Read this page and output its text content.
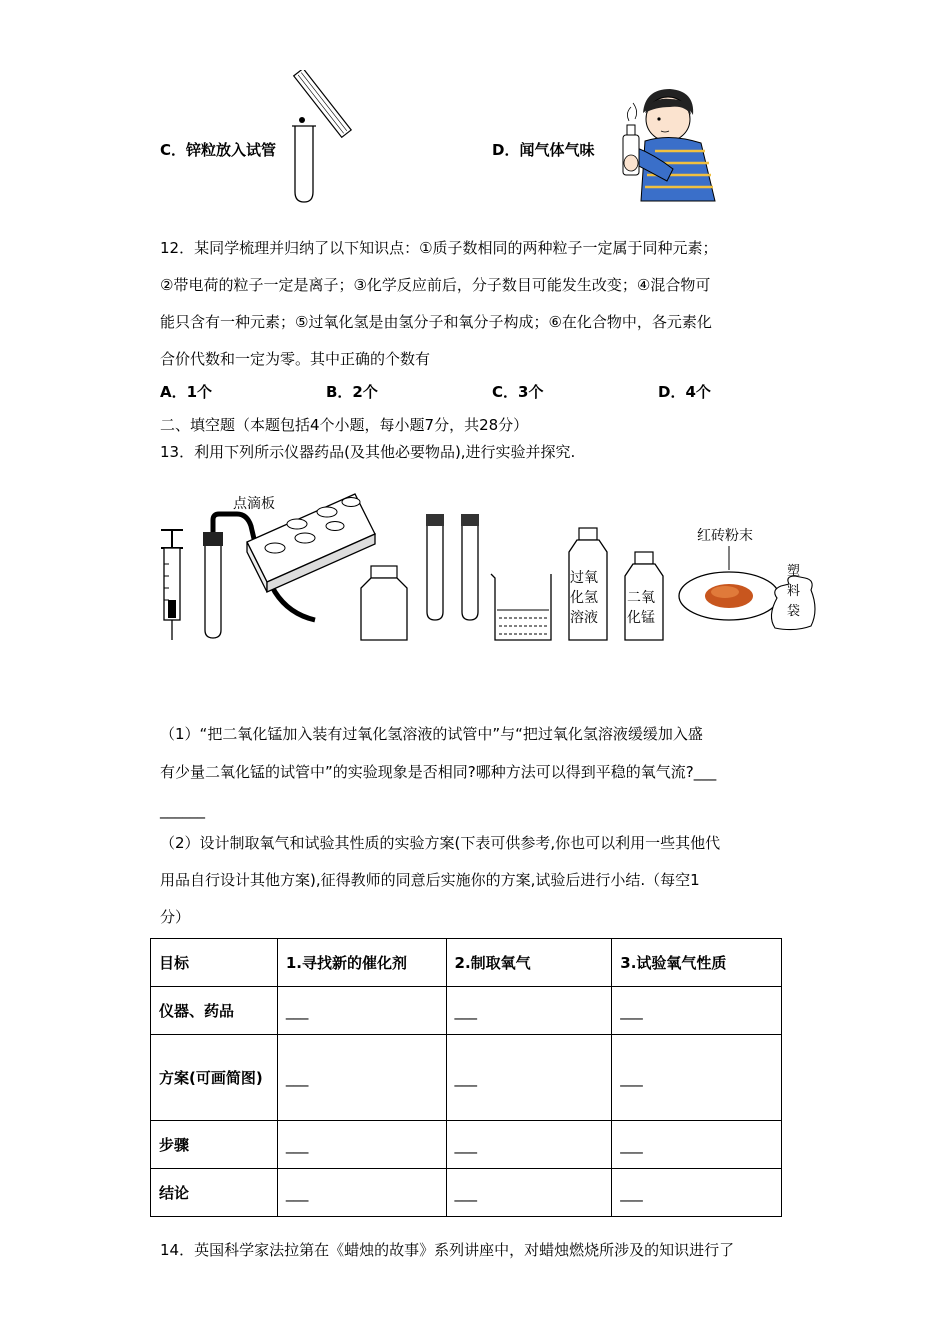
C．锌粒放入试管	D．闻气体气味
12．某同学梳理并归纳了以下知识点：①质子数相同的两种粒子一定属于同种元素；
②带电荷的粒子一定是离子；③化学反应前后，分子数目可能发生改变；④混合物可
能只含有一种元素；⑤过氧化氢是由氢分子和氧分子构成；⑥在化合物中，各元素化
合价代数和一定为零。其中正确的个数有
A．1个	B．2个	C．3个	D．4个
二、填空题（本题包括4个小题，每小题7分，共28分）
13．利用下列所示仪器药品(及其他必要物品),进行实验并探究.
点滴板
过氧
化氢
溶液
二氧
化锰
红砖粉末
塑
料
袋
（1）“把二氧化锰加入装有过氧化氢溶液的试管中”与“把过氧化氢溶液缓缓加入盛
有少量二氧化锰的试管中”的实验现象是否相同?哪种方法可以得到平稳的氧气流?___
______
（2）设计制取氧气和试验其性质的实验方案(下表可供参考,你也可以利用一些其他代
用品自行设计其他方案),征得教师的同意后实施你的方案,试验后进行小结.（每空1
分）
目标	1.寻找新的催化剂	2.制取氧气	3.试验氧气性质
仪器、药品	___	___	___
方案(可画简图)	___	___	___
步骤	___	___	___
结论	___	___	___
14．英国科学家法拉第在《蜡烛的故事》系列讲座中，对蜡烛燃烧所涉及的知识进行了
